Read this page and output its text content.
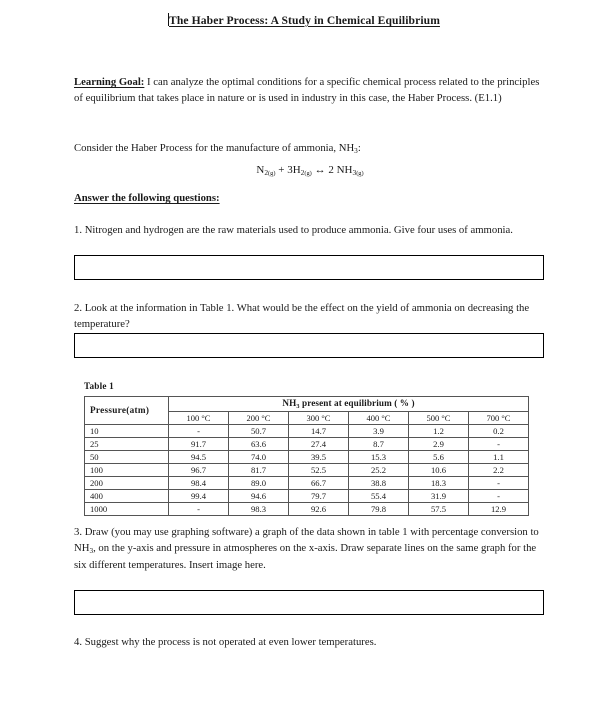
The Haber Process: A Study in Chemical Equilibrium
Learning Goal: I can analyze the optimal conditions for a specific chemical process related to the principles of equilibrium that takes place in nature or is used in industry in this case, the Haber Process. (E1.1)
Consider the Haber Process for the manufacture of ammonia, $NH_3$:
$N_2(g) + 3H_2(g)$ ↔ 2 $NH_3(g)$
Answer the following questions:
1. Nitrogen and hydrogen are the raw materials used to produce ammonia. Give four uses of ammonia.
2. Look at the information in Table 1. What would be the effect on the yield of ammonia on decreasing the temperature?
Table 1
Pressure(atm)	$NH_3$ present at equilibrium ( % )					
	100 °C	200 °C	300 °C	400 °C	500 °C	700 °C
10	-	50.7	14.7	3.9	1.2	0.2
25	91.7	63.6	27.4	8.7	2.9	-
50	94.5	74.0	39.5	15.3	5.6	1.1
100	96.7	81.7	52.5	25.2	10.6	2.2
200	98.4	89.0	66.7	38.8	18.3	-
400	99.4	94.6	79.7	55.4	31.9	-
1000	-	98.3	92.6	79.8	57.5	12.9
3. Draw (you may use graphing software) a graph of the data shown in table 1 with percentage conversion to $NH_3$, on the y-axis and pressure in atmospheres on the x-axis. Draw separate lines on the same graph for the six different temperatures. Insert image here.
4. Suggest why the process is not operated at even lower temperatures.
